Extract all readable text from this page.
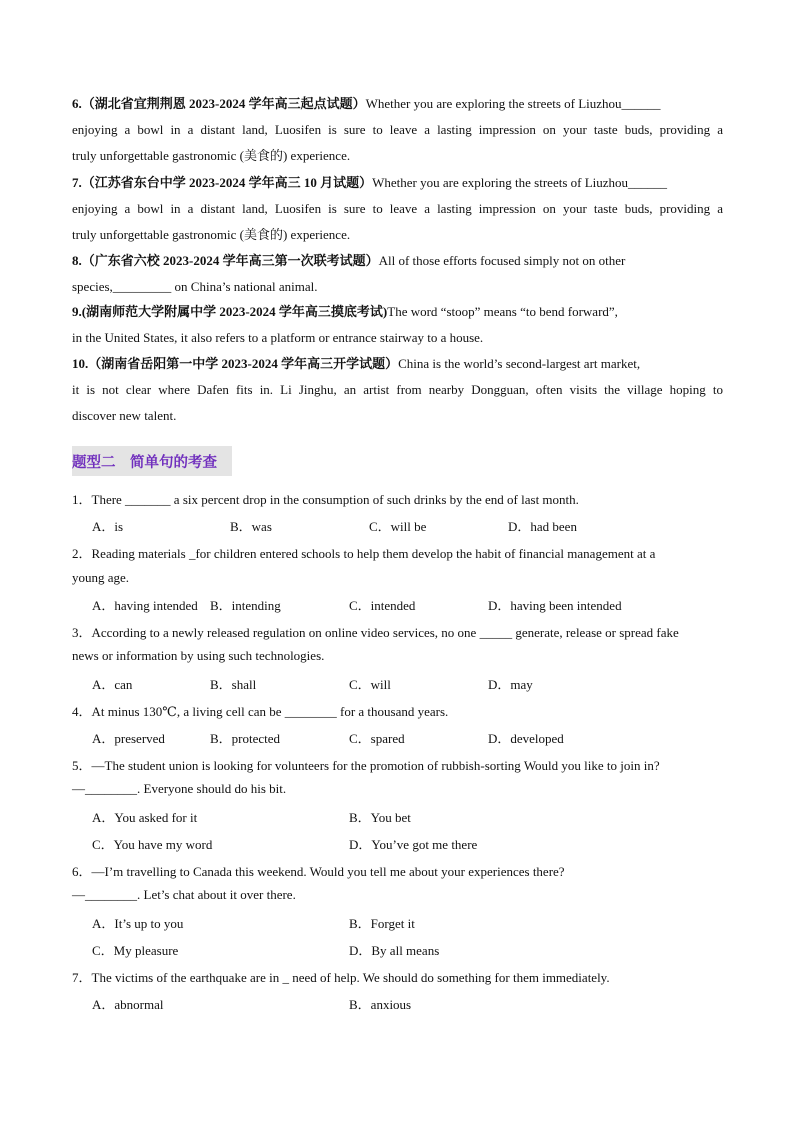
6.（湖北省宜荆荆恩 2023-2024 学年高三起点试题）Whether you are exploring the streets of Liuzhou______
enjoying a bowl in a distant land, Luosifen is sure to leave a lasting impression on your taste buds, providing a
truly unforgettable gastronomic (美食的) experience.
7.（江苏省东台中学 2023-2024 学年高三 10 月试题）Whether you are exploring the streets of Liuzhou______
enjoying a bowl in a distant land, Luosifen is sure to leave a lasting impression on your taste buds, providing a
truly unforgettable gastronomic (美食的) experience.
8.（广东省六校 2023-2024 学年高三第一次联考试题）All of those efforts focused simply not on other
species,_________ on China’s national animal.
9.(湖南师范大学附属中学 2023-2024 学年高三摸底考试)The word “stoop” means “to bend forward”,
in the United States, it also refers to a platform or entrance stairway to a house.
10.（湖南省岳阳第一中学 2023-2024 学年高三开学试题）China is the world’s second-largest art market,
it is not clear where Dafen fits in. Li Jinghu, an artist from nearby Dongguan, often visits the village hoping to
discover new talent.
题型二　简单句的考查
1．There _______ a six percent drop in the consumption of such drinks by the end of last month.
A．is	B．was	C．will be	D．had been
2．Reading materials _for children entered schools to help them develop the habit of financial management at a
young age.
A．having intended B．intending	C．intended	D．having been intended
3．According to a newly released regulation on online video services, no one _____ generate, release or spread fake
news or information by using such technologies.
A．can	B．shall	C．will	D．may
4．At minus 130℃, a living cell can be ________ for a thousand years.
A．preserved	B．protected	C．spared	D．developed
5．—The student union is looking for volunteers for the promotion of rubbish-sorting Would you like to join in?
—________. Everyone should do his bit.
A．You asked for it	B．You bet
C．You have my word	D．You’ve got me there
6．—I’m travelling to Canada this weekend. Would you tell me about your experiences there?
—________. Let’s chat about it over there.
A．It’s up to you	B．Forget it
C．My pleasure	D．By all means
7．The victims of the earthquake are in _ need of help. We should do something for them immediately.
A．abnormal	B．anxious
